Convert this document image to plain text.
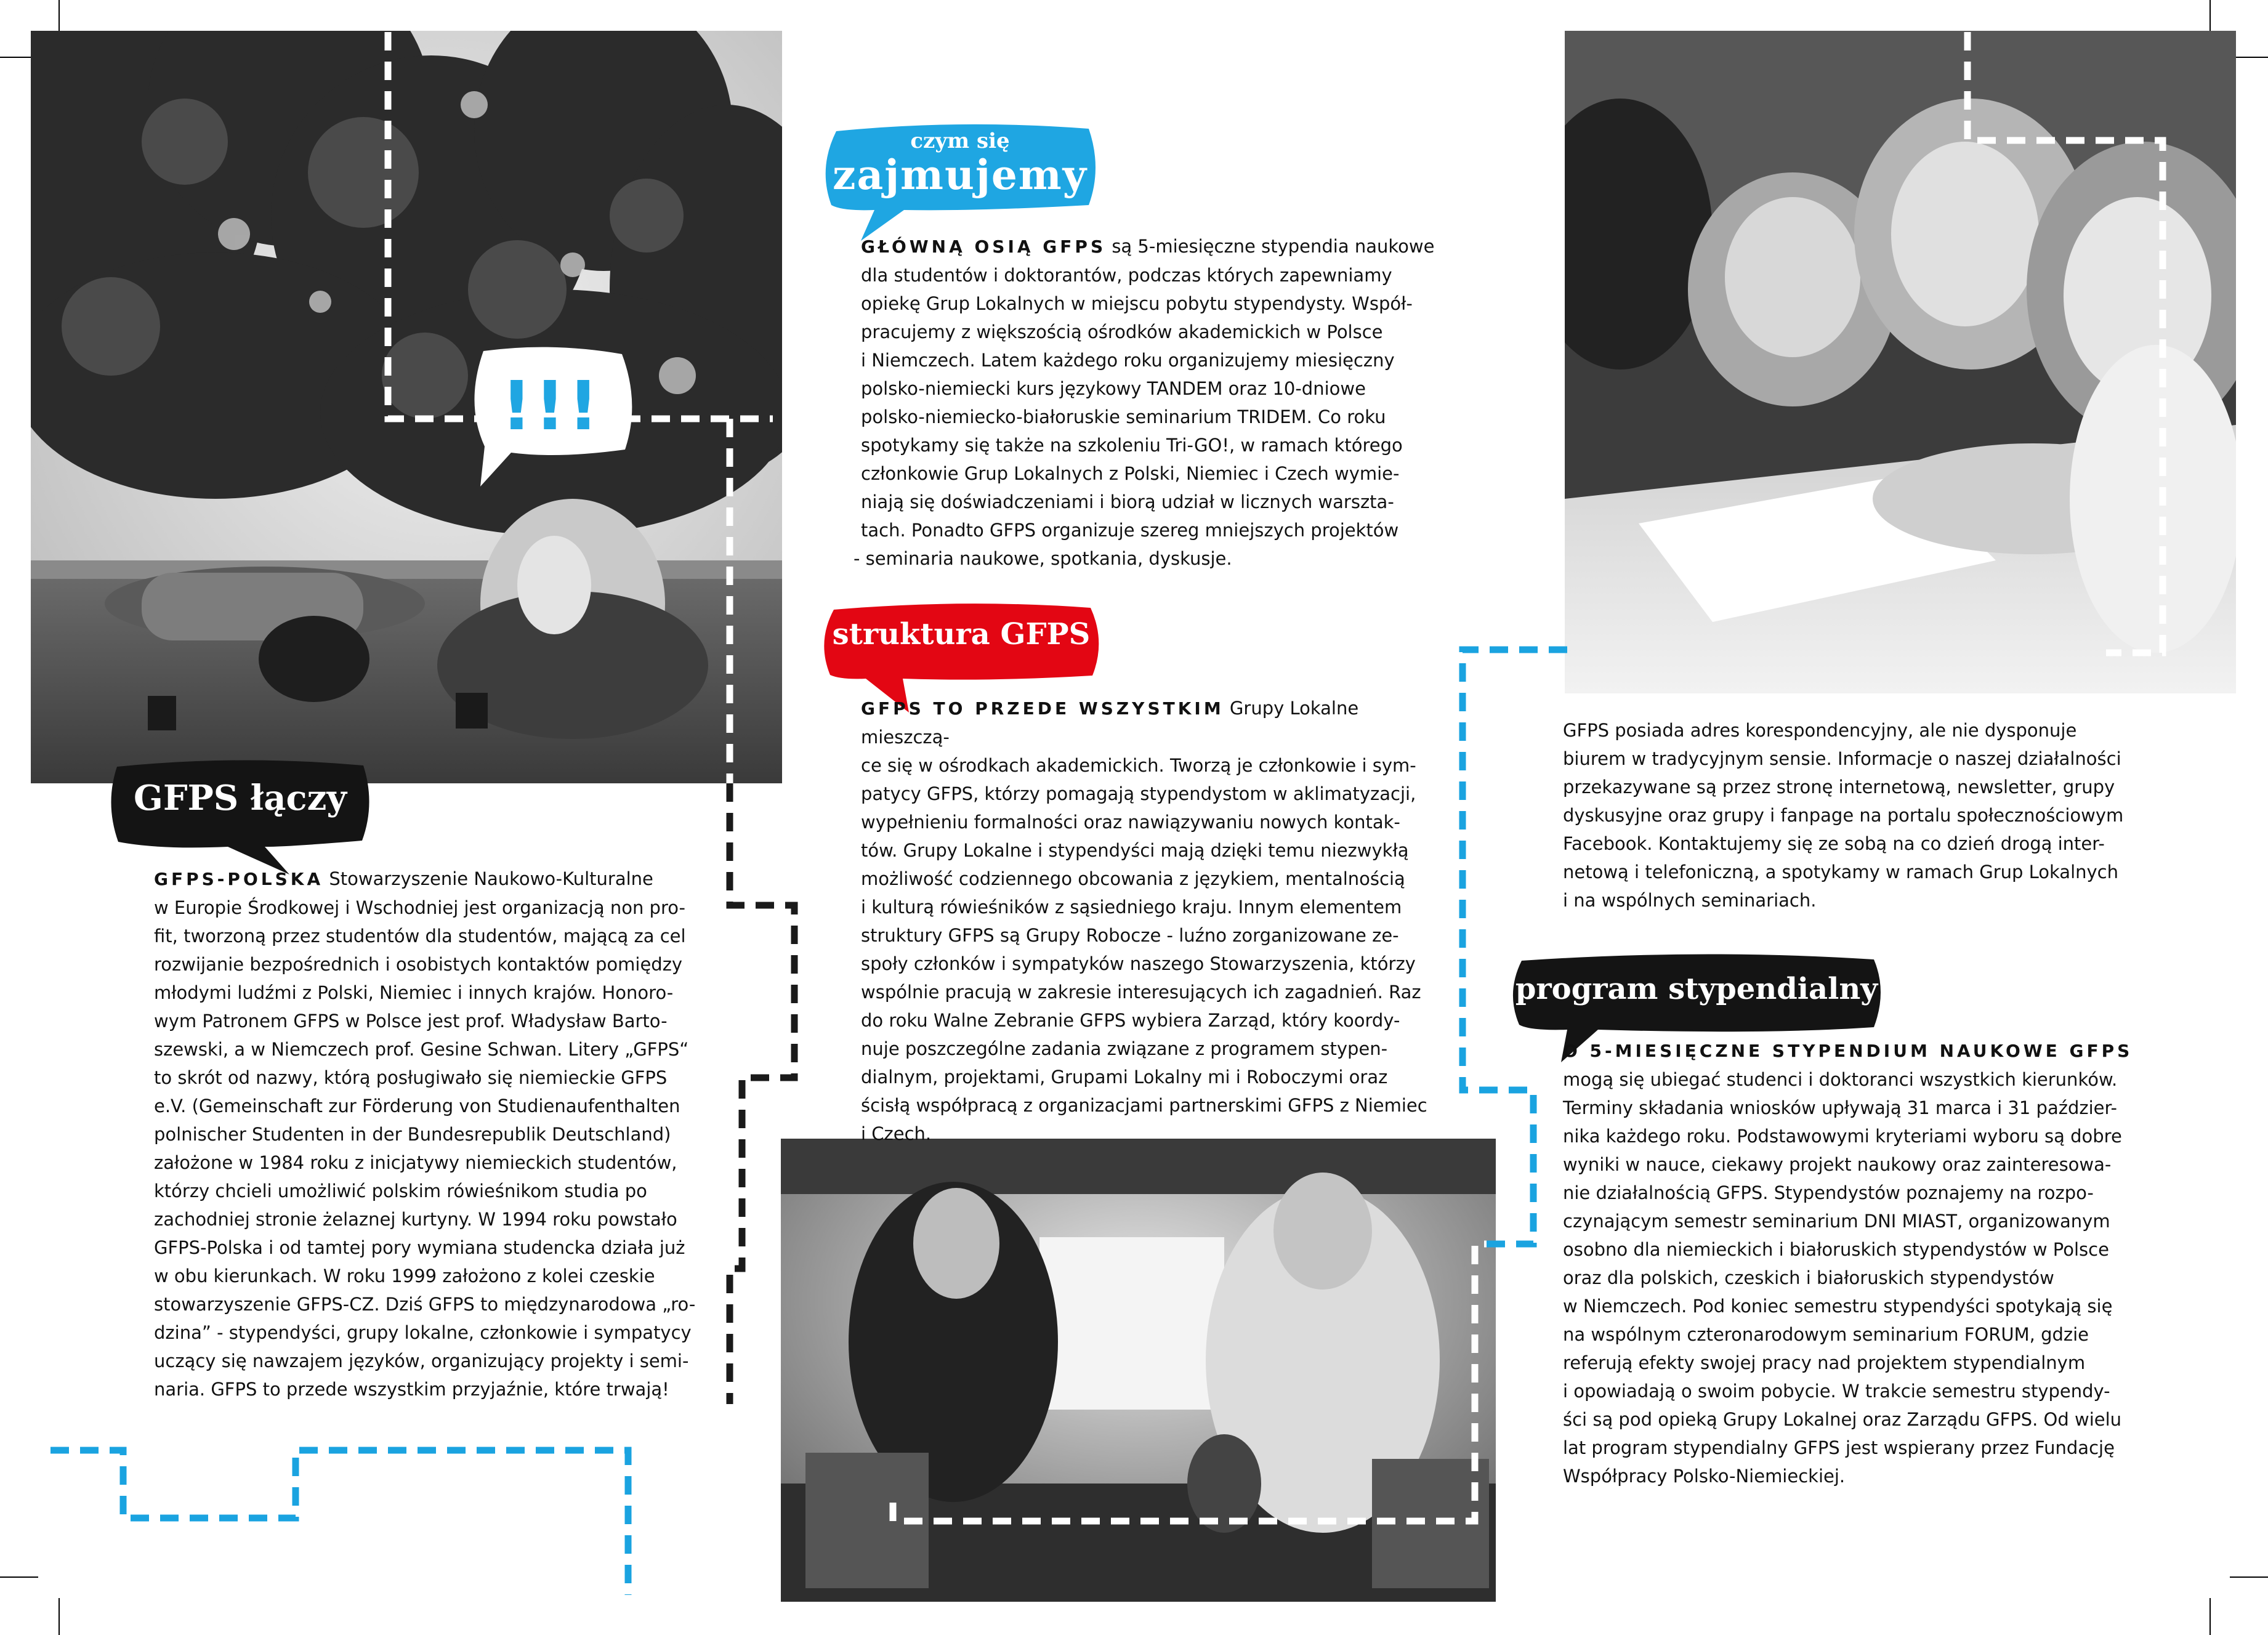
!!!
GFPS łączy
czym się
zajmujemy
struktura GFPS
program stypendialny

GFPS-POLSKA Stowarzyszenie Naukowo-Kulturalne

w Europie Środkowej i Wschodniej jest organizacją non pro-

fit, tworzoną przez studentów dla studentów, mającą za cel

rozwijanie bezpośrednich i osobistych kontaktów pomiędzy

młodymi ludźmi z Polski, Niemiec i innych krajów. Honoro-

wym Patronem GFPS w Polsce jest prof. Władysław Barto-

szewski, a w Niemczech prof. Gesine Schwan. Litery „GFPS“

to skrót od nazwy, którą posługiwało się niemieckie GFPS

e.V. (Gemeinschaft zur Förderung von Studienaufenthalten

polnischer Studenten in der Bundesrepublik Deutschland)

założone w 1984 roku z inicjatywy niemieckich studentów,

którzy chcieli umożliwić polskim rówieśnikom studia po

zachodniej stronie żelaznej kurtyny. W 1994 roku powstało

GFPS-Polska i od tamtej pory wymiana studencka działa już

w obu kierunkach. W roku 1999 założono z kolei czeskie

stowarzyszenie GFPS-CZ. Dziś GFPS to międzynarodowa „ro-

dzina” - stypendyści, grupy lokalne, członkowie i sympatycy

uczący się nawzajem języków, organizujący projekty i semi-

naria. GFPS to przede wszystkim przyjaźnie, które trwają!

GŁÓWNĄ OSIĄ GFPS są 5-miesięczne stypendia naukowe

dla studentów i doktorantów, podczas których zapewniamy

opiekę Grup Lokalnych w miejscu pobytu stypendysty. Współ-

pracujemy z większością ośrodków akademickich w Polsce

i Niemczech. Latem każdego roku organizujemy miesięczny

polsko-niemiecki kurs językowy TANDEM oraz 10-dniowe

polsko-niemiecko-białoruskie seminarium TRIDEM. Co roku

spotykamy się także na szkoleniu Tri-GO!, w ramach którego

członkowie Grup Lokalnych z Polski, Niemiec i Czech wymie-

niają się doświadczeniami i biorą udział w licznych warszta-

tach. Ponadto GFPS organizuje szereg mniejszych projektów

- seminaria naukowe, spotkania, dyskusje.

GFPS TO PRZEDE WSZYSTKIM Grupy Lokalne mieszczą-

ce się w ośrodkach akademickich. Tworzą je członkowie i sym-

patycy GFPS, którzy pomagają stypendystom w aklimatyzacji,

wypełnieniu formalności oraz nawiązywaniu nowych kontak-

tów. Grupy Lokalne i stypendyści mają dzięki temu niezwykłą

możliwość codziennego obcowania z językiem, mentalnością

i kulturą rówieśników z sąsiedniego kraju. Innym elementem

struktury GFPS są Grupy Robocze - luźno zorganizowane ze-

społy członków i sympatyków naszego Stowarzyszenia, którzy

wspólnie pracują w zakresie interesujących ich zagadnień. Raz

do roku Walne Zebranie GFPS wybiera Zarząd, który koordy-

nuje poszczególne zadania związane z programem stypen-

dialnym, projektami, Grupami Lokalny mi i Roboczymi oraz

ścisłą współpracą z organizacjami partnerskimi GFPS z Niemiec

i Czech.

GFPS posiada adres korespondencyjny, ale nie dysponuje

biurem w tradycyjnym sensie. Informacje o naszej działalności

przekazywane są przez stronę internetową, newsletter, grupy

dyskusyjne oraz grupy i fanpage na portalu społecznościowym

Facebook. Kontaktujemy się ze sobą na co dzień drogą inter-

netową i telefoniczną, a spotykamy w ramach Grup Lokalnych

i na wspólnych seminariach.

O 5-MIESIĘCZNE STYPENDIUM NAUKOWE GFPS

mogą się ubiegać studenci i doktoranci wszystkich kierunków.

Terminy składania wniosków upływają 31 marca i 31 paździer-

nika każdego roku. Podstawowymi kryteriami wyboru są dobre

wyniki w nauce, ciekawy projekt naukowy oraz zainteresowa-

nie działalnością GFPS. Stypendystów poznajemy na rozpo-

czynającym semestr seminarium DNI MIAST, organizowanym

osobno dla niemieckich i białoruskich stypendystów w Polsce

oraz dla polskich, czeskich i białoruskich stypendystów

w Niemczech. Pod koniec semestru stypendyści spotykają się

na wspólnym czteronarodowym seminarium FORUM, gdzie

referują efekty swojej pracy nad projektem stypendialnym

i opowiadają o swoim pobycie. W trakcie semestru stypendy-

ści są pod opieką Grupy Lokalnej oraz Zarządu GFPS. Od wielu

lat program stypendialny GFPS jest wspierany przez Fundację

Współpracy Polsko-Niemieckiej.
